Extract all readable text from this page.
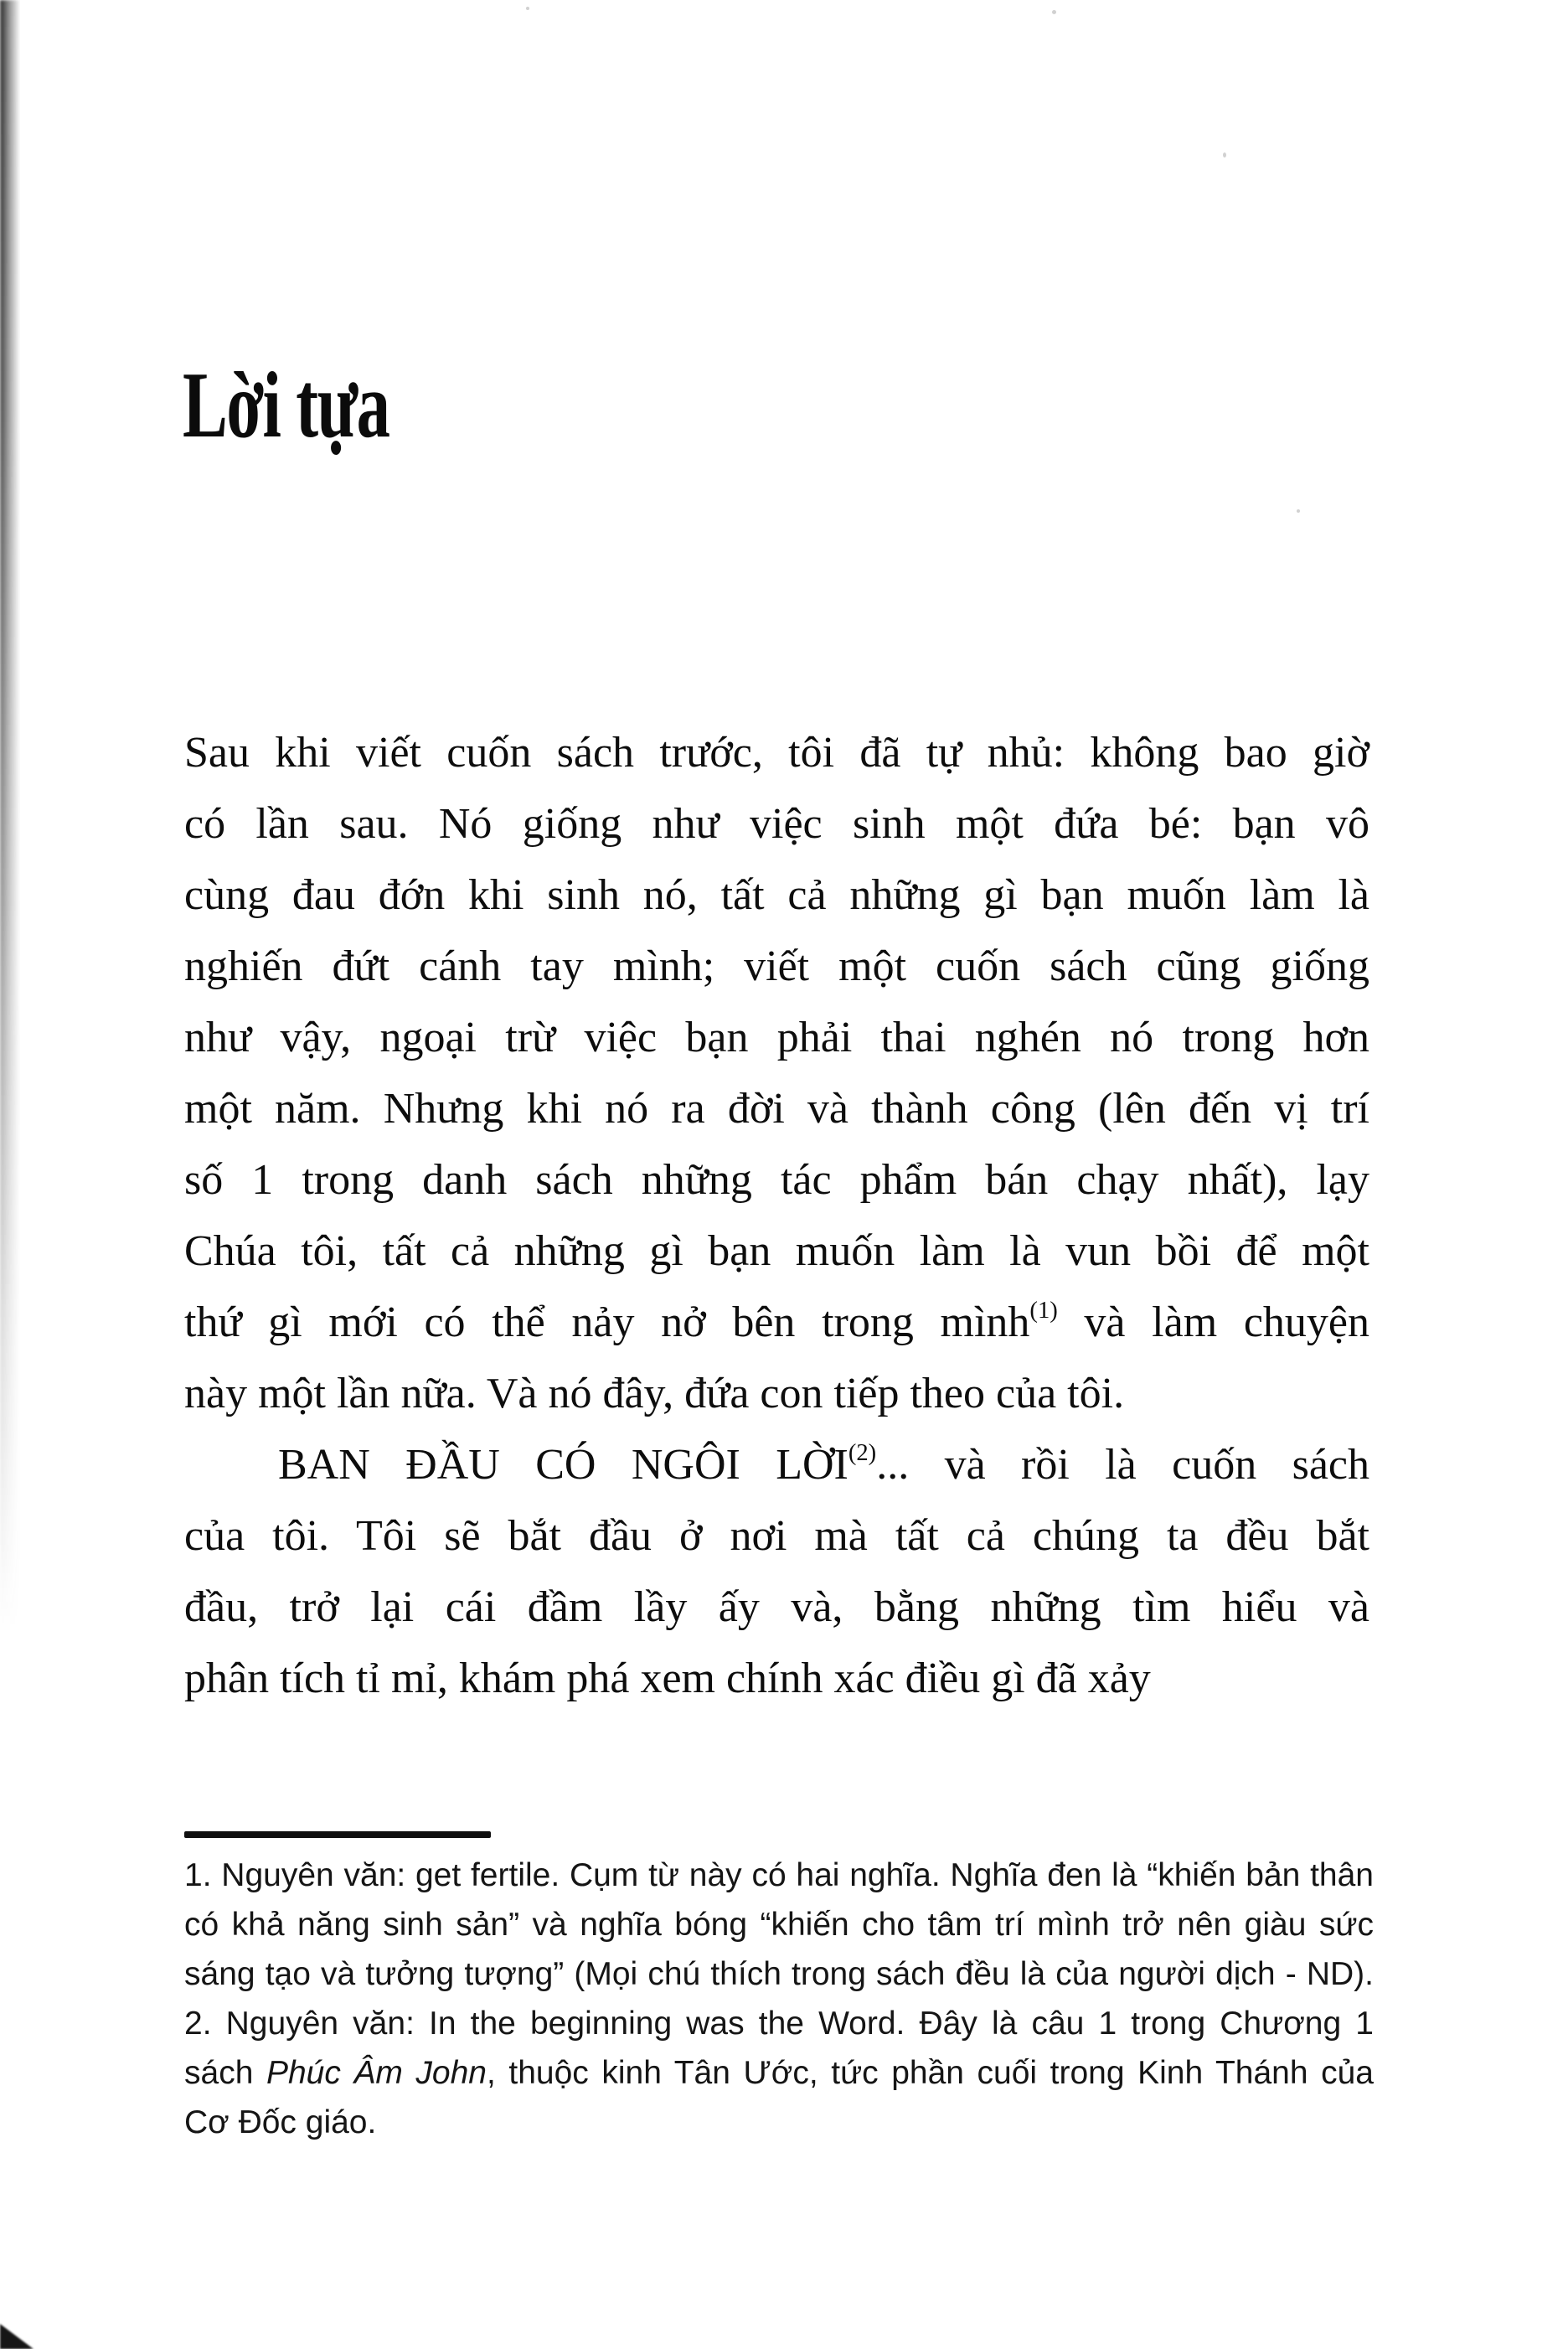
Lời tựa
Sau khi viết cuốn sách trước, tôi đã tự nhủ: không bao giờ
có lần sau. Nó giống như việc sinh một đứa bé: bạn vô
cùng đau đớn khi sinh nó, tất cả những gì bạn muốn làm là
nghiến đứt cánh tay mình; viết một cuốn sách cũng giống
như vậy, ngoại trừ việc bạn phải thai nghén nó trong hơn
một năm. Nhưng khi nó ra đời và thành công (lên đến vị trí
số 1 trong danh sách những tác phẩm bán chạy nhất), lạy
Chúa tôi, tất cả những gì bạn muốn làm là vun bồi để một
thứ gì mới có thể nảy nở bên trong mình$^{(1)}$ và làm chuyện
này một lần nữa. Và nó đây, đứa con tiếp theo của tôi.
BAN ĐẦU CÓ NGÔI LỜI$^{(2)}$... và rồi là cuốn sách
của tôi. Tôi sẽ bắt đầu ở nơi mà tất cả chúng ta đều bắt
đầu, trở lại cái đầm lầy ấy và, bằng những tìm hiểu và
phân tích tỉ mỉ, khám phá xem chính xác điều gì đã xảy
1. Nguyên văn: get fertile. Cụm từ này có hai nghĩa. Nghĩa đen là “khiến bản thân
có khả năng sinh sản” và nghĩa bóng “khiến cho tâm trí mình trở nên giàu sức
sáng tạo và tưởng tượng” (Mọi chú thích trong sách đều là của người dịch - ND).
2. Nguyên văn: In the beginning was the Word. Đây là câu 1 trong Chương 1
sách Phúc Âm John, thuộc kinh Tân Ước, tức phần cuối trong Kinh Thánh của
Cơ Đốc giáo.
